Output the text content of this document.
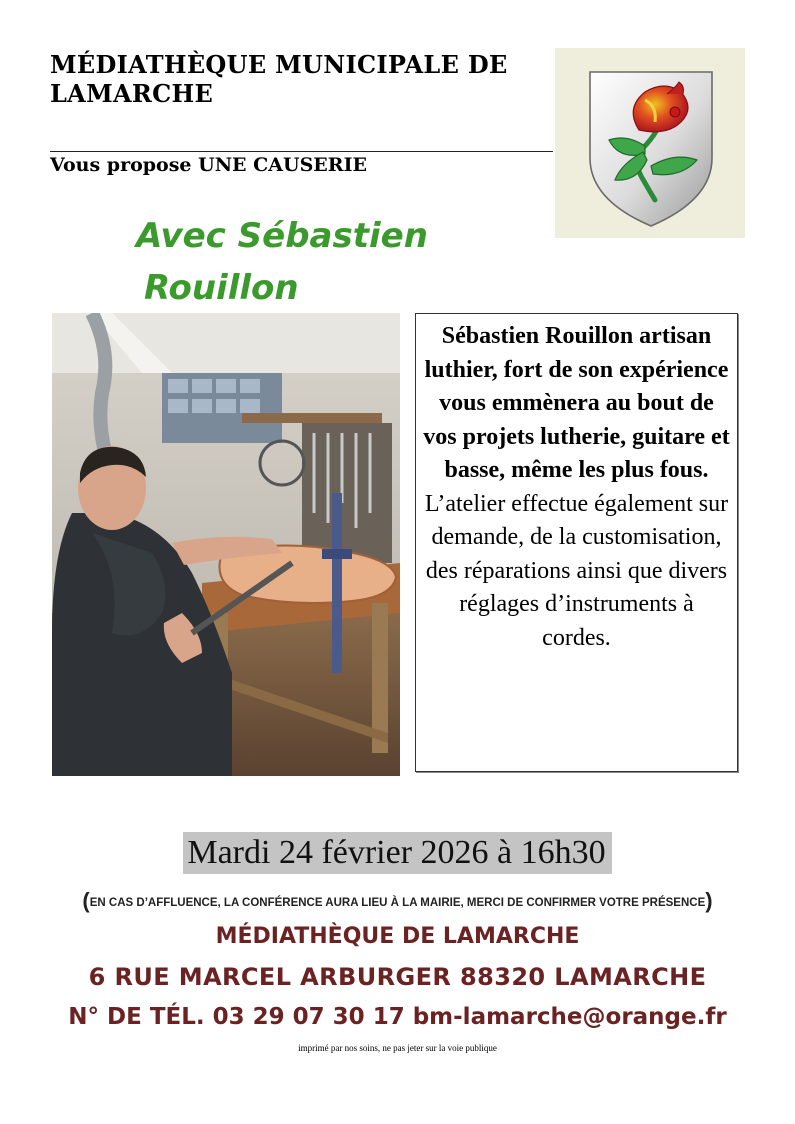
MÉDIATHÈQUE MUNICIPALE DE
LAMARCHE
Vous propose UNE CAUSERIE
Avec Sébastien
Rouillon
Sébastien Rouillon artisan luthier, fort de son expérience vous emmènera au bout de vos projets lutherie, guitare et basse, même les plus fous.
L’atelier effectue également sur demande, de la customisation, des réparations ainsi que divers réglages d’instruments à cordes.
Mardi 24 février 2026 à 16h30
(EN CAS D’AFFLUENCE, LA CONFÉRENCE AURA LIEU À LA MAIRIE, MERCI DE CONFIRMER VOTRE PRÉSENCE)
MÉDIATHÈQUE DE LAMARCHE
6 RUE MARCEL ARBURGER 88320 LAMARCHE
N° DE TÉL. 03 29 07 30 17 bm-lamarche@orange.fr
imprimé par nos soins, ne pas jeter sur la voie publique
